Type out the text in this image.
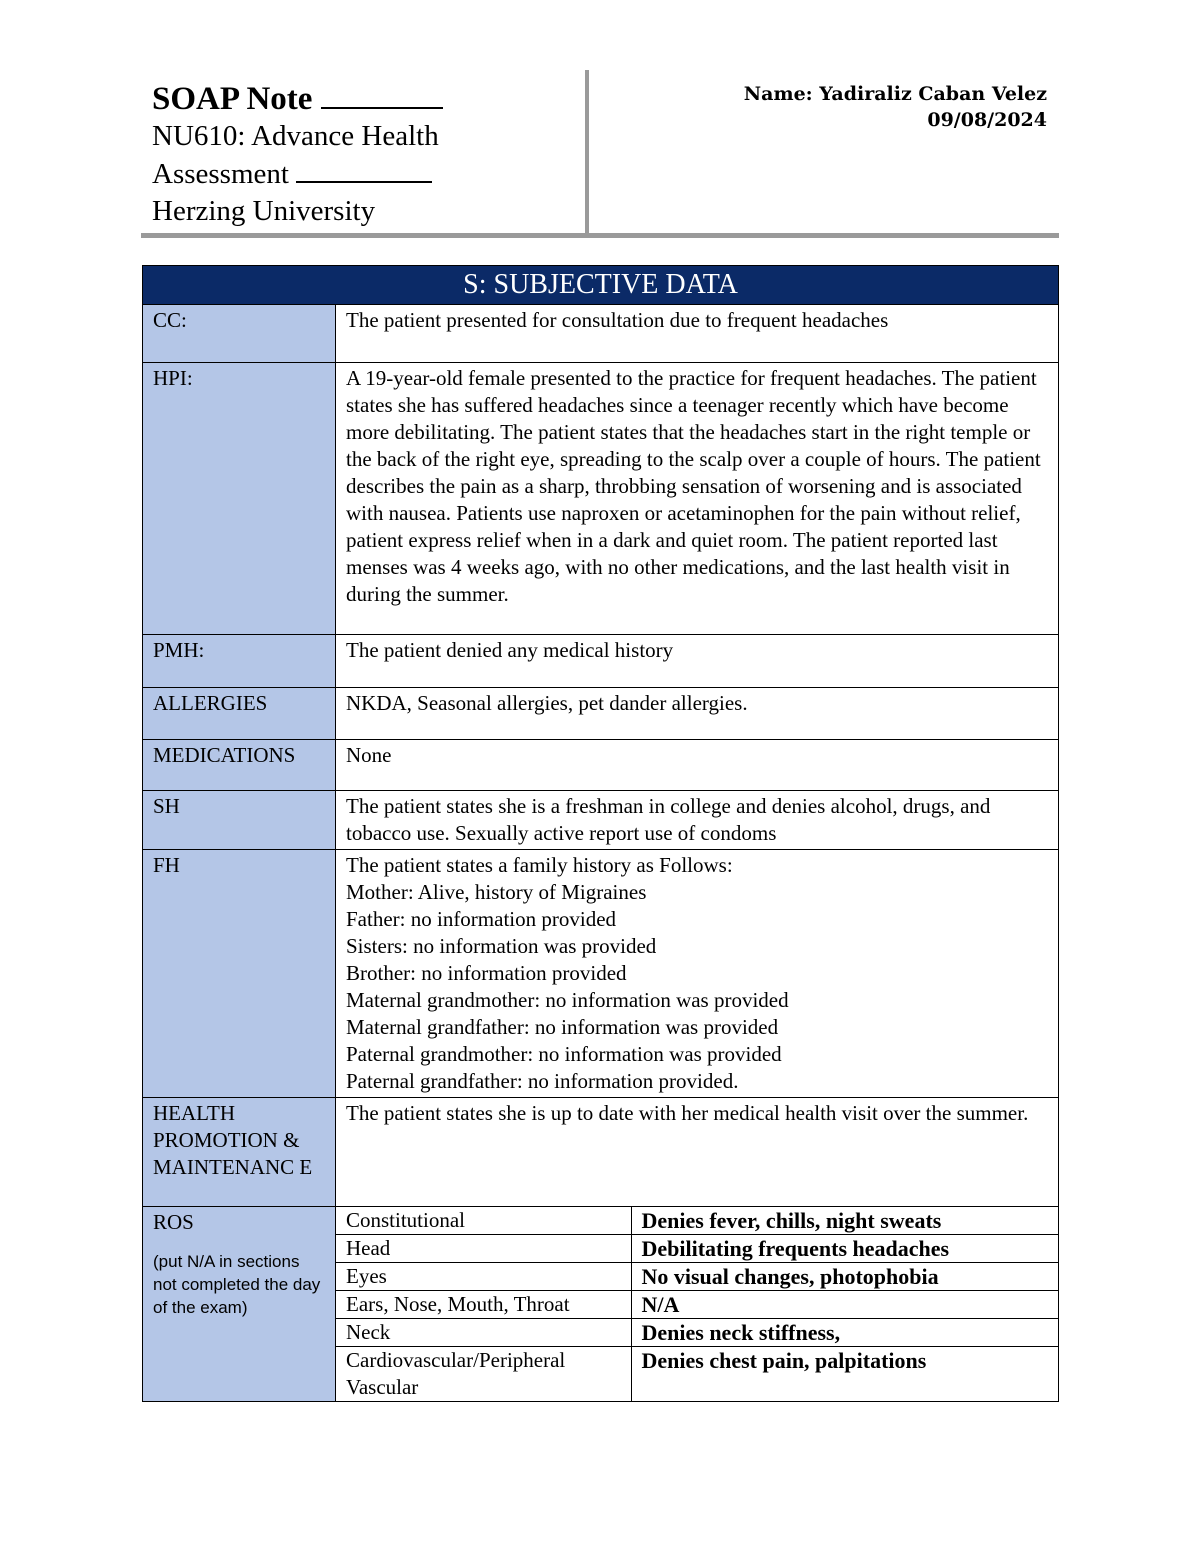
SOAP Note
NU610: Advance Health
Assessment
Herzing University
Name: Yadiraliz Caban Velez
09/08/2024
S: SUBJECTIVE DATA
CC:	The patient presented for consultation due to frequent headaches
HPI:	A 19-year-old female presented to the practice for frequent headaches. The patient states she has suffered headaches since a teenager recently which have become more debilitating. The patient states that the headaches start in the right temple or the back of the right eye, spreading to the scalp over a couple of hours. The patient describes the pain as a sharp, throbbing sensation of worsening and is associated with nausea. Patients use naproxen or acetaminophen for the pain without relief, patient express relief when in a dark and quiet room. The patient reported last menses was 4 weeks ago, with no other medications, and the last health visit in during the summer.
PMH:	The patient denied any medical history
ALLERGIES	NKDA, Seasonal allergies, pet dander allergies.
MEDICATIONS	None
SH	The patient states she is a freshman in college and denies alcohol, drugs, and tobacco use. Sexually active report use of condoms
FH	The patient states a family history as Follows:
Mother: Alive, history of Migraines
Father: no information provided
Sisters: no information was provided
Brother: no information provided
Maternal grandmother: no information was provided
Maternal grandfather: no information was provided
Paternal grandmother: no information was provided
Paternal grandfather: no information provided.

HEALTH PROMOTION & MAINTENANC E	The patient states she is up to date with her medical health visit over the summer.

ROS
(put N/A in sections not completed the day of the exam)

Constitutional	Denies fever, chills, night sweats
Head	Debilitating frequents headaches
Eyes	No visual changes, photophobia
Ears, Nose, Mouth, Throat	N/A
Neck	Denies neck stiffness,
Cardiovascular/Peripheral Vascular	Denies chest pain, palpitations
